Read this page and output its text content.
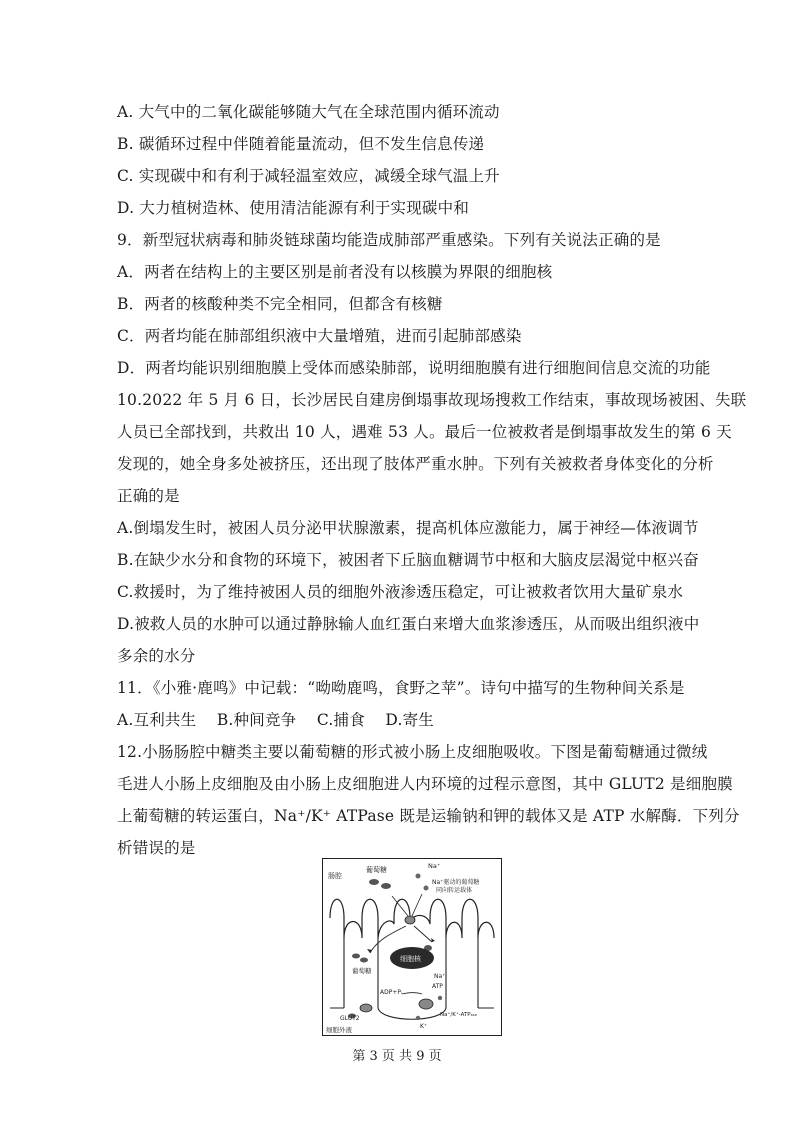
A. 大气中的二氧化碳能够随大气在全球范围内循环流动
B. 碳循环过程中伴随着能量流动，但不发生信息传递
C. 实现碳中和有利于减轻温室效应，减缓全球气温上升
D. 大力植树造林、使用清洁能源有利于实现碳中和
9．新型冠状病毒和肺炎链球菌均能造成肺部严重感染。下列有关说法正确的是
A．两者在结构上的主要区别是前者没有以核膜为界限的细胞核
B．两者的核酸种类不完全相同，但都含有核糖
C．两者均能在肺部组织液中大量增殖，进而引起肺部感染
D．两者均能识别细胞膜上受体而感染肺部，说明细胞膜有进行细胞间信息交流的功能
10.2022 年 5 月 6 日，长沙居民自建房倒塌事故现场搜救工作结束，事故现场被困、失联
人员已全部找到，共救出 10 人，遇难 53 人。最后一位被救者是倒塌事故发生的第 6 天
发现的，她全身多处被挤压，还出现了肢体严重水肿。下列有关被救者身体变化的分析
正确的是
A.倒塌发生时，被困人员分泌甲状腺激素，提高机体应激能力，属于神经—体液调节
B.在缺少水分和食物的环境下，被困者下丘脑血糖调节中枢和大脑皮层渴觉中枢兴奋
C.救援时，为了维持被困人员的细胞外液渗透压稳定，可让被救者饮用大量矿泉水
D.被救人员的水肿可以通过静脉输人血红蛋白来增大血浆渗透压，从而吸出组织液中
多余的水分
11．《小雅·鹿鸣》中记载：“呦呦鹿鸣，食野之苹”。诗句中描写的生物种间关系是
A.互利共生    B.种间竞争    C.捕食    D.寄生
12.小肠肠腔中糖类主要以葡萄糖的形式被小肠上皮细胞吸收。下图是葡萄糖通过微绒
毛进人小肠上皮细胞及由小肠上皮细胞进人内环境的过程示意图，其中 GLUT2 是细胞膜
上葡萄糖的转运蛋白，Na⁺/K⁺ ATPase 既是运输钠和钾的载体又是 ATP 水解酶．下列分
析错误的是
肠腔
葡萄糖	Na⁺
Na⁺驱动的葡萄糖
同向转运载体
细胞核
葡萄糖
ADP+Pᵢ
Na⁺
ATP
K⁺
Na⁺/K⁺-ATPₐₛₑ
GLUT2
细胞外液
第 3 页 共 9 页
